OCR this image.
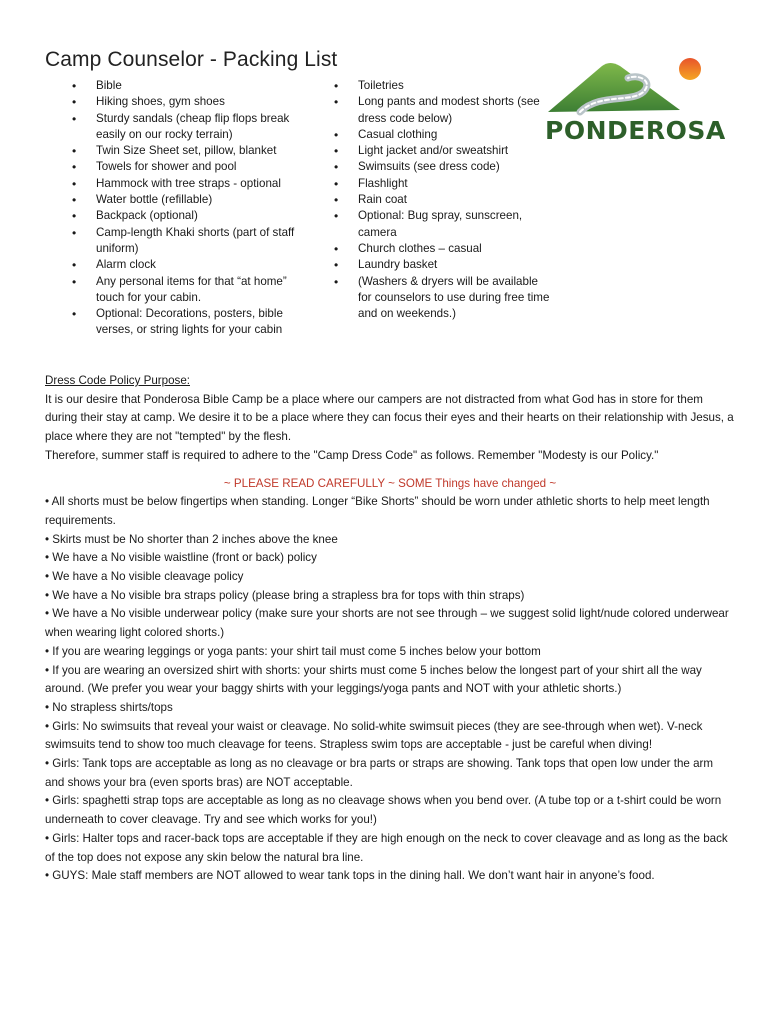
Camp Counselor - Packing List
• Bible
• Hiking shoes, gym shoes
• Sturdy sandals (cheap flip flops break easily on our rocky terrain)
• Twin Size Sheet set, pillow, blanket
• Towels for shower and pool
• Hammock with tree straps - optional
• Water bottle (refillable)
• Backpack (optional)
• Camp-length Khaki shorts (part of staff uniform)
• Alarm clock
• Any personal items for that “at home” touch for your cabin.
• Optional: Decorations, posters, bible verses, or string lights for your cabin
• Toiletries
• Long pants and modest shorts (see dress code below)
• Casual clothing
• Light jacket and/or sweatshirt
• Swimsuits (see dress code)
• Flashlight
• Rain coat
• Optional: Bug spray, sunscreen, camera
• Church clothes – casual
• Laundry basket
• (Washers & dryers will be available for counselors to use during free time and on weekends.)
PONDEROSA

Dress Code Policy Purpose:

It is our desire that Ponderosa Bible Camp be a place where our campers are not distracted from what God has in store for them during their stay at camp. We desire it to be a place where they can focus their eyes and their hearts on their relationship with Jesus, a place where they are not "tempted" by the flesh.

Therefore, summer staff is required to adhere to the "Camp Dress Code" as follows. Remember "Modesty is our Policy."

~ PLEASE READ CAREFULLY ~ SOME Things have changed ~

• All shorts must be below fingertips when standing. Longer “Bike Shorts” should be worn under athletic shorts to help meet length requirements.

• Skirts must be No shorter than 2 inches above the knee

• We have a No visible waistline (front or back) policy

• We have a No visible cleavage policy

• We have a No visible bra straps policy (please bring a strapless bra for tops with thin straps)

• We have a No visible underwear policy (make sure your shorts are not see through – we suggest solid light/nude colored underwear when wearing light colored shorts.)

• If you are wearing leggings or yoga pants: your shirt tail must come 5 inches below your bottom

• If you are wearing an oversized shirt with shorts: your shirts must come 5 inches below the longest part of your shirt all the way around. (We prefer you wear your baggy shirts with your leggings/yoga pants and NOT with your athletic shorts.)

• No strapless shirts/tops

• Girls: No swimsuits that reveal your waist or cleavage. No solid-white swimsuit pieces (they are see-through when wet). V-neck swimsuits tend to show too much cleavage for teens. Strapless swim tops are acceptable - just be careful when diving!

• Girls: Tank tops are acceptable as long as no cleavage or bra parts or straps are showing. Tank tops that open low under the arm and shows your bra (even sports bras) are NOT acceptable.

• Girls: spaghetti strap tops are acceptable as long as no cleavage shows when you bend over. (A tube top or a t-shirt could be worn underneath to cover cleavage. Try and see which works for you!)

• Girls: Halter tops and racer-back tops are acceptable if they are high enough on the neck to cover cleavage and as long as the back of the top does not expose any skin below the natural bra line.

• GUYS: Male staff members are NOT allowed to wear tank tops in the dining hall. We don’t want hair in anyone’s food.
